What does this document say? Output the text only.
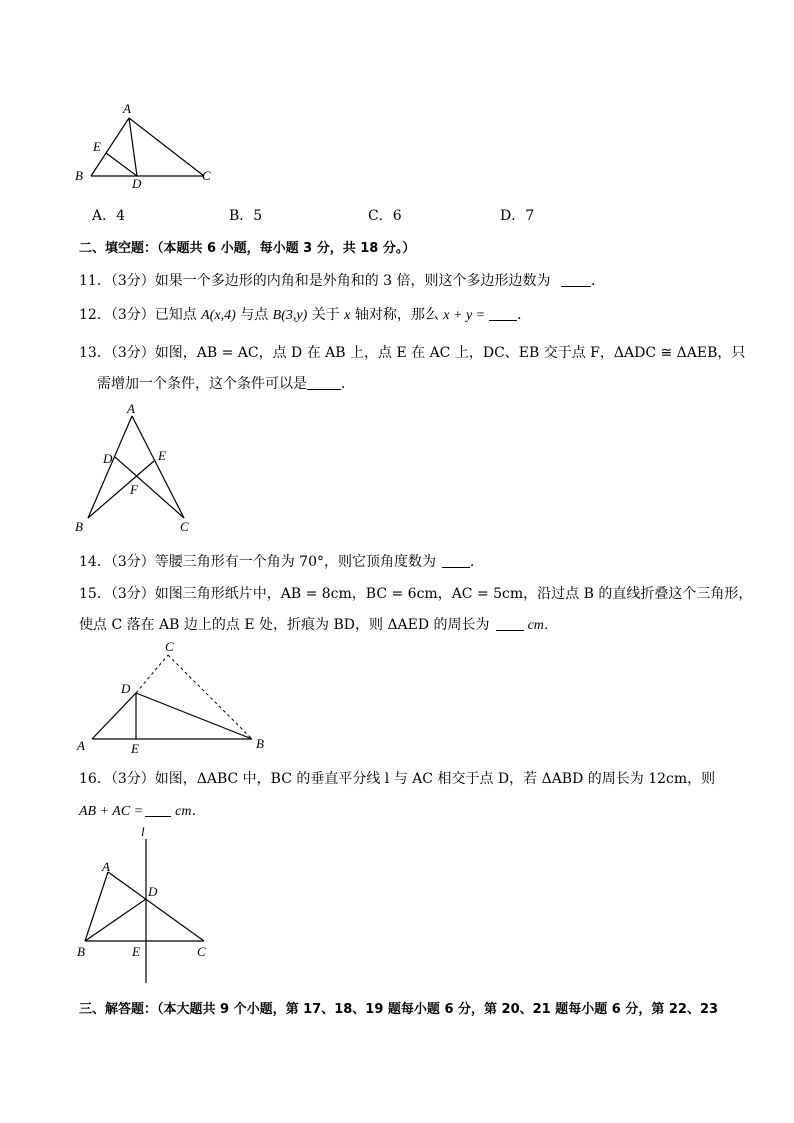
A
E
B
D
C
A．4	B．5	C．6	D．7
二、填空题：（本题共 6 小题，每小题 3 分，共 18 分。）
11．（3分）如果一个多边形的内角和是外角和的 3 倍，则这个多边形边数为	．
12．（3分）已知点 A(x,4) 与点 B(3,y) 关于 x 轴对称，那么 x + y = ．
13．（3分）如图，AB = AC，点 D 在 AB 上，点 E 在 AC 上，DC、EB 交于点 F，ΔADC ≅ ΔAEB，只
需增加一个条件，这个条件可以是 ．
A
D	E
F
B	C
14．（3分）等腰三角形有一个角为 70°，则它顶角度数为 ．
15．（3分）如图三角形纸片中，AB = 8cm，BC = 6cm，AC = 5cm，沿过点 B 的直线折叠这个三角形，
使点 C 落在 AB 边上的点 E 处，折痕为 BD，则 ΔAED 的周长为	cm．
C
D
A	E	B
16．（3分）如图，ΔABC 中，BC 的垂直平分线 l 与 AC 相交于点 D，若 ΔABD 的周长为 12cm，则
AB + AC = cm．
l
A
D
B	E	C
三、解答题：（本大题共 9 个小题，第 17、18、19 题每小题 6 分，第 20、21 题每小题 6 分，第 22、23
